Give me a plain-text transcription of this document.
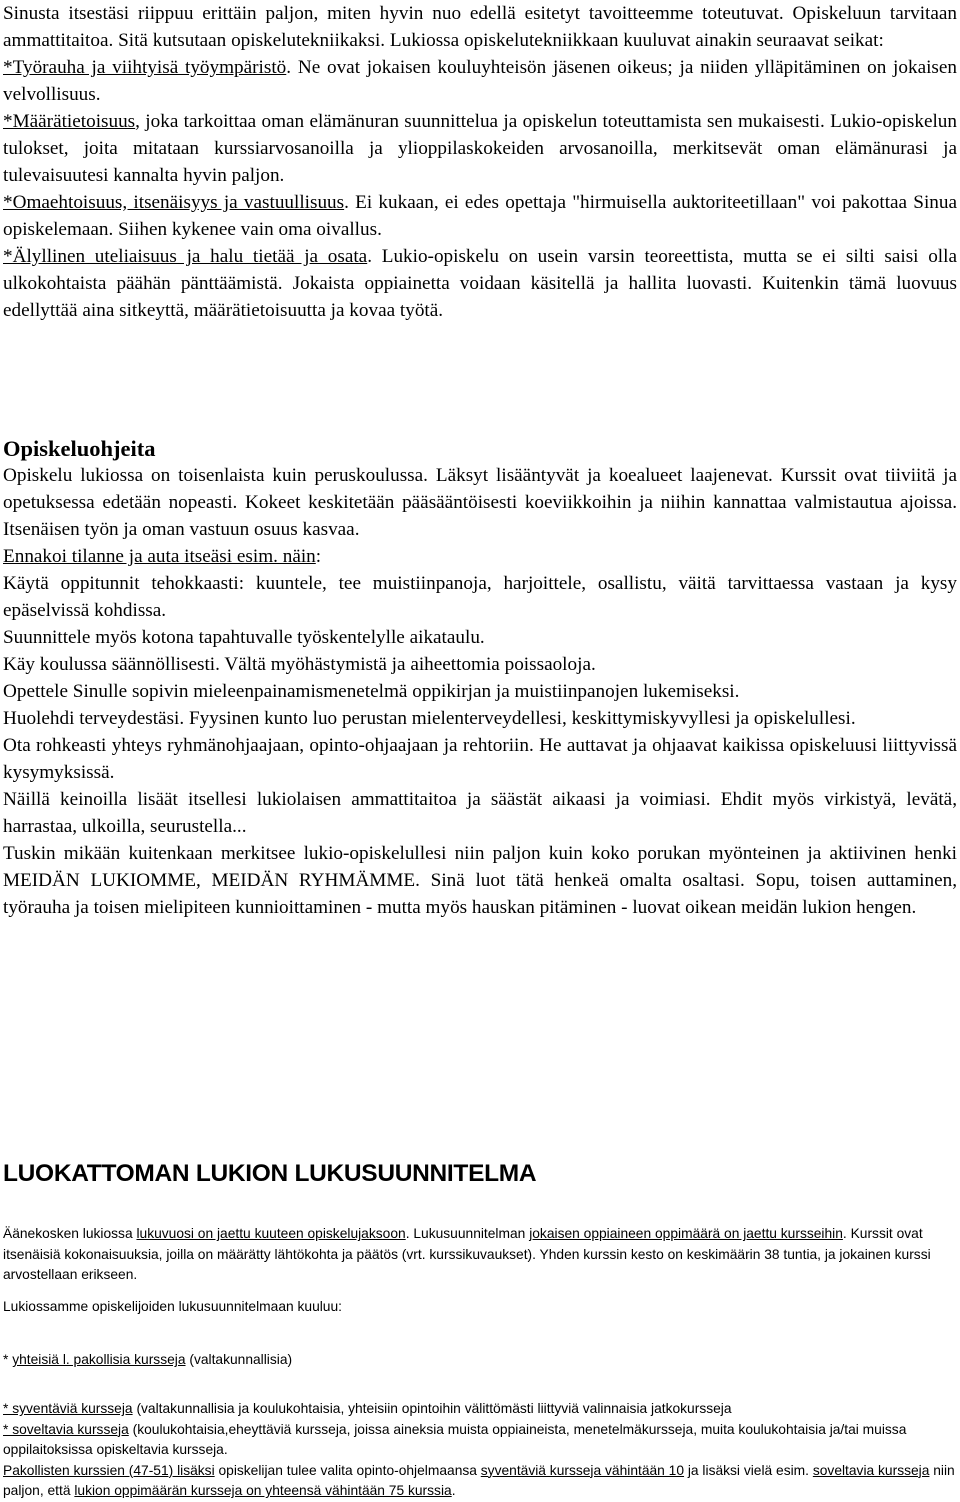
Sinusta itsestäsi riippuu erittäin paljon, miten hyvin nuo edellä esitetyt tavoitteemme toteutuvat. Opiskeluun tarvitaan ammattitaitoa. Sitä kutsutaan opiskelutekniikaksi. Lukiossa opiskelutekniikkaan kuuluvat ainakin seuraavat seikat:

*Työrauha ja viihtyisä työympäristö. Ne ovat jokaisen kouluyhteisön jäsenen oikeus; ja niiden ylläpitäminen on jokaisen velvollisuus.

*Määrätietoisuus, joka tarkoittaa oman elämänuran suunnittelua ja opiskelun toteuttamista sen mukaisesti. Lukio-opiskelun tulokset, joita mitataan kurssiarvosanoilla ja ylioppilaskokeiden arvosanoilla, merkitsevät oman elämänurasi ja tulevaisuutesi kannalta hyvin paljon.

*Omaehtoisuus, itsenäisyys ja vastuullisuus. Ei kukaan, ei edes opettaja "hirmuisella auktoriteetillaan" voi pakottaa Sinua opiskelemaan. Siihen kykenee vain oma oivallus.

*Älyllinen uteliaisuus ja halu tietää ja osata. Lukio-opiskelu on usein varsin teoreettista, mutta se ei silti saisi olla ulkokohtaista päähän pänttäämistä. Jokaista oppiainetta voidaan käsitellä ja hallita luovasti. Kuitenkin tämä luovuus edellyttää aina sitkeyttä, määrätietoisuutta ja kovaa työtä.

Opiskeluohjeita

Opiskelu lukiossa on toisenlaista kuin peruskoulussa. Läksyt lisääntyvät ja koealueet laajenevat. Kurssit ovat tiiviitä ja opetuksessa edetään nopeasti. Kokeet keskitetään pääsääntöisesti koeviikkoihin ja niihin kannattaa valmistautua ajoissa. Itsenäisen työn ja oman vastuun osuus kasvaa.

Ennakoi tilanne ja auta itseäsi esim. näin:

Käytä oppitunnit tehokkaasti: kuuntele, tee muistiinpanoja, harjoittele, osallistu, väitä tarvittaessa vastaan ja kysy epäselvissä kohdissa.

Suunnittele myös kotona tapahtuvalle työskentelylle aikataulu.

Käy koulussa säännöllisesti. Vältä myöhästymistä ja aiheettomia poissaoloja.

Opettele Sinulle sopivin mieleenpainamismenetelmä oppikirjan ja muistiinpanojen lukemiseksi.

Huolehdi terveydestäsi. Fyysinen kunto luo perustan mielenterveydellesi, keskittymiskyvyllesi ja opiskelullesi.

Ota rohkeasti yhteys ryhmänohjaajaan, opinto-ohjaajaan ja rehtoriin. He auttavat ja ohjaavat kaikissa opiskeluusi liittyvissä kysymyksissä.

Näillä keinoilla lisäät itsellesi lukiolaisen ammattitaitoa ja säästät aikaasi ja voimiasi. Ehdit myös virkistyä, levätä, harrastaa, ulkoilla, seurustella...

Tuskin mikään kuitenkaan merkitsee lukio-opiskelullesi niin paljon kuin koko porukan myönteinen ja aktiivinen henki MEIDÄN LUKIOMME, MEIDÄN RYHMÄMME. Sinä luot tätä henkeä omalta osaltasi. Sopu, toisen auttaminen, työrauha ja toisen mielipiteen kunnioittaminen - mutta myös hauskan pitäminen - luovat oikean meidän lukion hengen.

LUOKATTOMAN LUKION LUKUSUUNNITELMA

Äänekosken lukiossa lukuvuosi on jaettu kuuteen opiskelujaksoon. Lukusuunnitelman jokaisen oppiaineen oppimäärä on jaettu kursseihin. Kurssit ovat itsenäisiä kokonaisuuksia, joilla on määrätty lähtökohta ja päätös (vrt. kurssikuvaukset). Yhden kurssin kesto on keskimäärin 38 tuntia, ja jokainen kurssi arvostellaan erikseen.

Lukiossamme opiskelijoiden lukusuunnitelmaan kuuluu:
* yhteisiä l. pakollisia kursseja (valtakunnallisia)

* syventäviä kursseja (valtakunnallisia ja koulukohtaisia, yhteisiin opintoihin välittömästi liittyviä valinnaisia jatkokursseja

* soveltavia kursseja (koulukohtaisia,eheyttäviä kursseja, joissa aineksia muista oppiaineista, menetelmäkursseja, muita koulukohtaisia ja/tai muissa oppilaitoksissa opiskeltavia kursseja.

Pakollisten kurssien (47-51) lisäksi opiskelijan tulee valita opinto-ohjelmaansa syventäviä kursseja vähintään 10 ja lisäksi vielä esim. soveltavia kursseja niin paljon, että lukion oppimäärän kursseja on yhteensä vähintään 75 kurssia.
